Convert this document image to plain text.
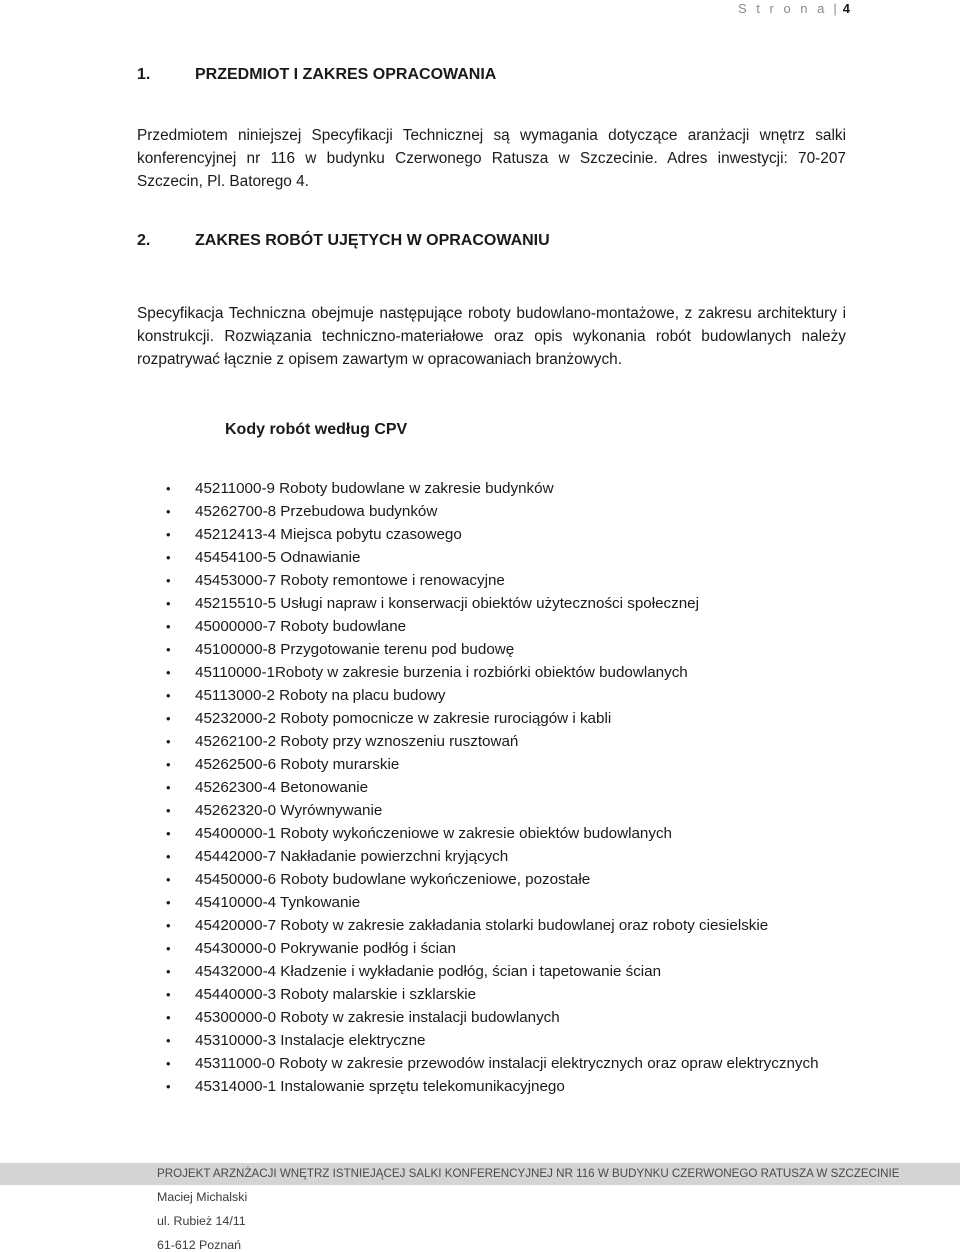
S t r o n a | 4
1.	PRZEDMIOT I ZAKRES OPRACOWANIA
Przedmiotem niniejszej Specyfikacji Technicznej są wymagania dotyczące aranżacji wnętrz salki konferencyjnej nr 116 w budynku Czerwonego Ratusza w Szczecinie. Adres inwestycji: 70-207 Szczecin, Pl. Batorego 4.
2.	ZAKRES ROBÓT UJĘTYCH W OPRACOWANIU
Specyfikacja Techniczna obejmuje następujące roboty budowlano-montażowe, z zakresu architektury i konstrukcji. Rozwiązania techniczno-materiałowe oraz opis wykonania robót budowlanych należy rozpatrywać łącznie z opisem zawartym w opracowaniach branżowych.
Kody robót według CPV
•	45211000-9 Roboty budowlane w zakresie budynków
•	45262700-8 Przebudowa budynków
•	45212413-4 Miejsca pobytu czasowego
•	45454100-5 Odnawianie
•	45453000-7 Roboty remontowe i renowacyjne
•	45215510-5 Usługi napraw i konserwacji obiektów użyteczności społecznej
•	45000000-7 Roboty budowlane
•	45100000-8 Przygotowanie terenu pod budowę
•	45110000-1Roboty w zakresie burzenia i rozbiórki obiektów budowlanych
•	45113000-2 Roboty na placu budowy
•	45232000-2 Roboty pomocnicze w zakresie rurociągów i kabli
•	45262100-2 Roboty przy wznoszeniu rusztowań
•	45262500-6 Roboty murarskie
•	45262300-4 Betonowanie
•	45262320-0 Wyrównywanie
•	45400000-1 Roboty wykończeniowe w zakresie obiektów budowlanych
•	45442000-7 Nakładanie powierzchni kryjących
•	45450000-6 Roboty budowlane wykończeniowe, pozostałe
•	45410000-4 Tynkowanie
•	45420000-7 Roboty w zakresie zakładania stolarki budowlanej oraz roboty ciesielskie
•	45430000-0 Pokrywanie podłóg i ścian
•	45432000-4 Kładzenie i wykładanie podłóg, ścian i tapetowanie ścian
•	45440000-3 Roboty malarskie i szklarskie
•	45300000-0 Roboty w zakresie instalacji budowlanych
•	45310000-3 Instalacje elektryczne
•	45311000-0 Roboty w zakresie przewodów instalacji elektrycznych oraz opraw elektrycznych
•	45314000-1 Instalowanie sprzętu telekomunikacyjnego
PROJEKT ARZNŻACJI WNĘTRZ ISTNIEJĄCEJ SALKI KONFERENCYJNEJ NR 116 W BUDYNKU CZERWONEGO RATUSZA W SZCZECINIE
Maciej Michalski
ul. Rubież 14/11
61-612 Poznań
